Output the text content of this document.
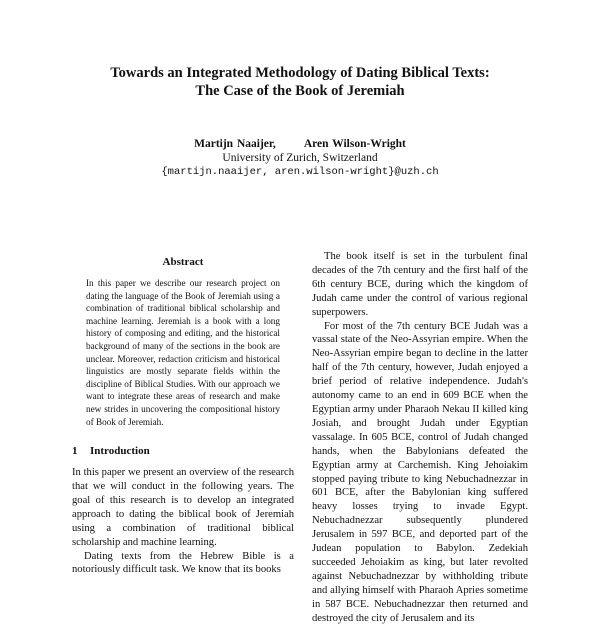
Towards an Integrated Methodology of Dating Biblical Texts:
The Case of the Book of Jeremiah
Martijn Naaijer, Aren Wilson-Wright
University of Zurich, Switzerland
{martijn.naaijer, aren.wilson-wright}@uzh.ch
Abstract

In this paper we describe our research project on dating the language of the Book of Jeremiah using a combination of traditional biblical scholarship and machine learning. Jeremiah is a book with a long history of composing and editing, and the historical background of many of the sections in the book are unclear. Moreover, redaction criticism and historical linguistics are mostly separate fields within the discipline of Biblical Studies. With our approach we want to integrate these areas of research and make new strides in uncovering the compositional history of Book of Jeremiah.

1 Introduction

In this paper we present an overview of the research that we will conduct in the following years. The goal of this research is to develop an integrated approach to dating the biblical book of Jeremiah using a combination of traditional biblical scholarship and machine learning.

Dating texts from the Hebrew Bible is a notoriously difficult task. We know that its books

The book itself is set in the turbulent final decades of the 7th century and the first half of the 6th century BCE, during which the kingdom of Judah came under the control of various regional superpowers.

For most of the 7th century BCE Judah was a vassal state of the Neo-Assyrian empire. When the Neo-Assyrian empire began to decline in the latter half of the 7th century, however, Judah enjoyed a brief period of relative independence. Judah's autonomy came to an end in 609 BCE when the Egyptian army under Pharaoh Nekau II killed king Josiah, and brought Judah under Egyptian vassalage. In 605 BCE, control of Judah changed hands, when the Babylonians defeated the Egyptian army at Carchemish. King Jehoiakim stopped paying tribute to king Nebuchadnezzar in 601 BCE, after the Babylonian king suffered heavy losses trying to invade Egypt. Nebuchadnezzar subsequently plundered Jerusalem in 597 BCE, and deported part of the Judean population to Babylon. Zedekiah succeeded Jehoiakim as king, but later revolted against Nebuchadnezzar by withholding tribute and allying himself with Pharaoh Apries sometime in 587 BCE. Nebuchadnezzar then returned and destroyed the city of Jerusalem and its
